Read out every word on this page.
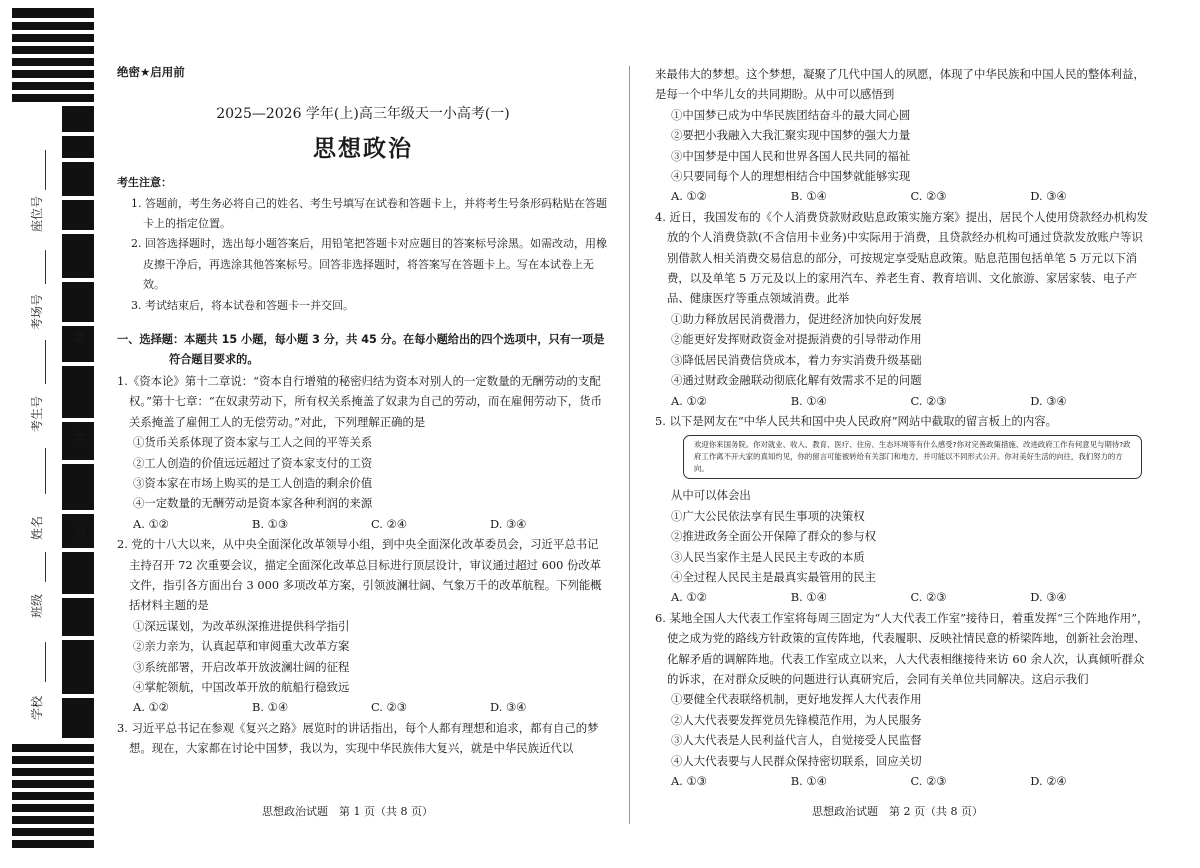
座位号
考场号
考生号
姓名
班级
学校
线
订
装

绝密★启用前

2025—2026 学年(上)高三年级天一小高考(一)

思想政治

考生注意：

1. 答题前，考生务必将自己的姓名、考生号填写在试卷和答题卡上，并将考生号条形码粘贴在答题卡上的指定位置。

2. 回答选择题时，选出每小题答案后，用铅笔把答题卡对应题目的答案标号涂黑。如需改动，用橡皮擦干净后，再选涂其他答案标号。回答非选择题时，将答案写在答题卡上。写在本试卷上无效。

3. 考试结束后，将本试卷和答题卡一并交回。

一、选择题：本题共 15 小题，每小题 3 分，共 45 分。在每小题给出的四个选项中，只有一项是

符合题目要求的。

1.《资本论》第十二章说：“资本自行增殖的秘密归结为资本对别人的一定数量的无酬劳动的支配权。”第十七章：“在奴隶劳动下，所有权关系掩盖了奴隶为自己的劳动，而在雇佣劳动下，货币关系掩盖了雇佣工人的无偿劳动。”对此，下列理解正确的是

①货币关系体现了资本家与工人之间的平等关系

②工人创造的价值远远超过了资本家支付的工资

③资本家在市场上购买的是工人创造的剩余价值

④一定数量的无酬劳动是资本家各种利润的来源

A. ①②	B. ①③	C. ②④	D. ③④

2. 党的十八大以来，从中央全面深化改革领导小组，到中央全面深化改革委员会，习近平总书记主持召开 72 次重要会议，描定全面深化改革总目标进行顶层设计，审议通过超过 600 份改革文件，指引各方面出台 3 000 多项改革方案，引领波澜壮阔、气象万千的改革航程。下列能概括材料主题的是

①深远谋划，为改革纵深推进提供科学指引

②亲力亲为，认真起草和审阅重大改革方案

③系统部署，开启改革开放波澜壮阔的征程

④掌舵领航，中国改革开放的航船行稳致远

A. ①②	B. ①④	C. ②③	D. ③④

3. 习近平总书记在参观《复兴之路》展览时的讲话指出，每个人都有理想和追求，都有自己的梦想。现在，大家都在讨论中国梦，我以为，实现中华民族伟大复兴，就是中华民族近代以

来最伟大的梦想。这个梦想，凝聚了几代中国人的夙愿，体现了中华民族和中国人民的整体利益，是每一个中华儿女的共同期盼。从中可以感悟到

①中国梦已成为中华民族团结奋斗的最大同心圆

②要把小我融入大我汇聚实现中国梦的强大力量

③中国梦是中国人民和世界各国人民共同的福祉

④只要同每个人的理想相结合中国梦就能够实现

A. ①②	B. ①④	C. ②③	D. ③④

4. 近日，我国发布的《个人消费贷款财政贴息政策实施方案》提出，居民个人使用贷款经办机构发放的个人消费贷款(不含信用卡业务)中实际用于消费，且贷款经办机构可通过贷款发放账户等识别借款人相关消费交易信息的部分，可按规定享受贴息政策。贴息范围包括单笔 5 万元以下消费，以及单笔 5 万元及以上的家用汽车、养老生育、教育培训、文化旅游、家居家装、电子产品、健康医疗等重点领域消费。此举

①助力释放居民消费潜力，促进经济加快向好发展

②能更好发挥财政资金对提振消费的引导带动作用

③降低居民消费信贷成本，着力夯实消费升级基础

④通过财政金融联动彻底化解有效需求不足的问题

A. ①②	B. ①④	C. ②③	D. ③④

5. 以下是网友在“中华人民共和国中央人民政府”网站中截取的留言板上的内容。

欢迎你来国务院。你对就业、收入、教育、医疗、住房、生态环境等有什么感受?你对完善政策措施、改进政府工作有何意见与期待?政府工作离不开大家的真知灼见，你的留言可能被转给有关部门和地方，并可能以不同形式公开。你对美好生活的向往，我们努力的方向。

从中可以体会出

①广大公民依法享有民生事项的决策权

②推进政务全面公开保障了群众的参与权

③人民当家作主是人民民主专政的本质

④全过程人民民主是最真实最管用的民主

A. ①②	B. ①④	C. ②③	D. ③④

6. 某地全国人大代表工作室将每周三固定为“人大代表工作室”接待日，着重发挥“三个阵地作用”，使之成为党的路线方针政策的宣传阵地，代表履职、反映社情民意的桥梁阵地，创新社会治理、化解矛盾的调解阵地。代表工作室成立以来，人大代表相继接待来访 60 余人次，认真倾听群众的诉求，在对群众反映的问题进行认真研究后，会同有关单位共同解决。这启示我们

①要健全代表联络机制，更好地发挥人大代表作用

②人大代表要发挥党员先锋模范作用，为人民服务

③人大代表是人民利益代言人，自觉接受人民监督

④人大代表要与人民群众保持密切联系，回应关切

A. ①③	B. ①④	C. ②③	D. ②④
思想政治试题　第 1 页（共 8 页）	思想政治试题　第 2 页（共 8 页）
